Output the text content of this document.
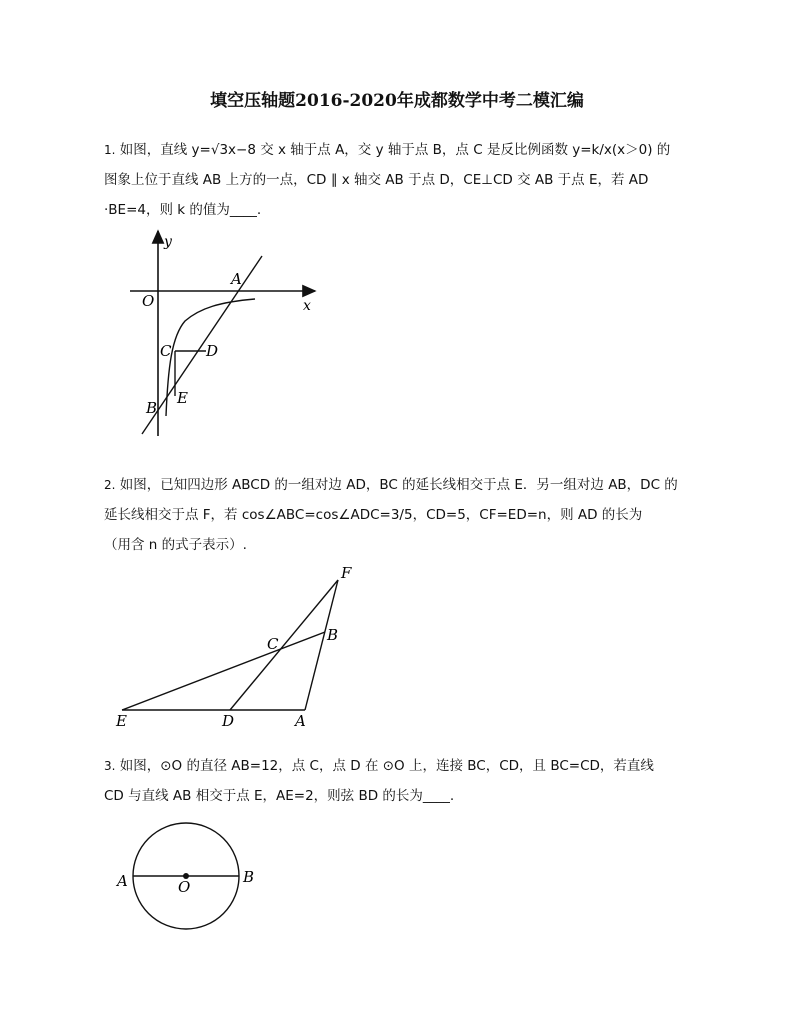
填空压轴题2016-2020年成都数学中考二模汇编
1. 如图，直线 y=√3x−8 交 x 轴于点 A，交 y 轴于点 B，点 C 是反比例函数 y=k/x(x＞0) 的
图象上位于直线 AB 上方的一点，CD ∥ x 轴交 AB 于点 D，CE⊥CD 交 AB 于点 E，若 AD
·BE=4，则 k 的值为____.
y
x
O
A
C D
B
E
2. 如图，已知四边形 ABCD 的一组对边 AD，BC 的延长线相交于点 E．另一组对边 AB，DC 的
延长线相交于点 F，若 cos∠ABC=cos∠ADC=3/5，CD=5，CF=ED=n，则 AD 的长为
（用含 n 的式子表示）.
F
B
C
E	D	A
3. 如图，⊙O 的直径 AB=12，点 C，点 D 在 ⊙O 上，连接 BC，CD，且 BC=CD，若直线
CD 与直线 AB 相交于点 E，AE=2，则弦 BD 的长为____.
A	O
B
